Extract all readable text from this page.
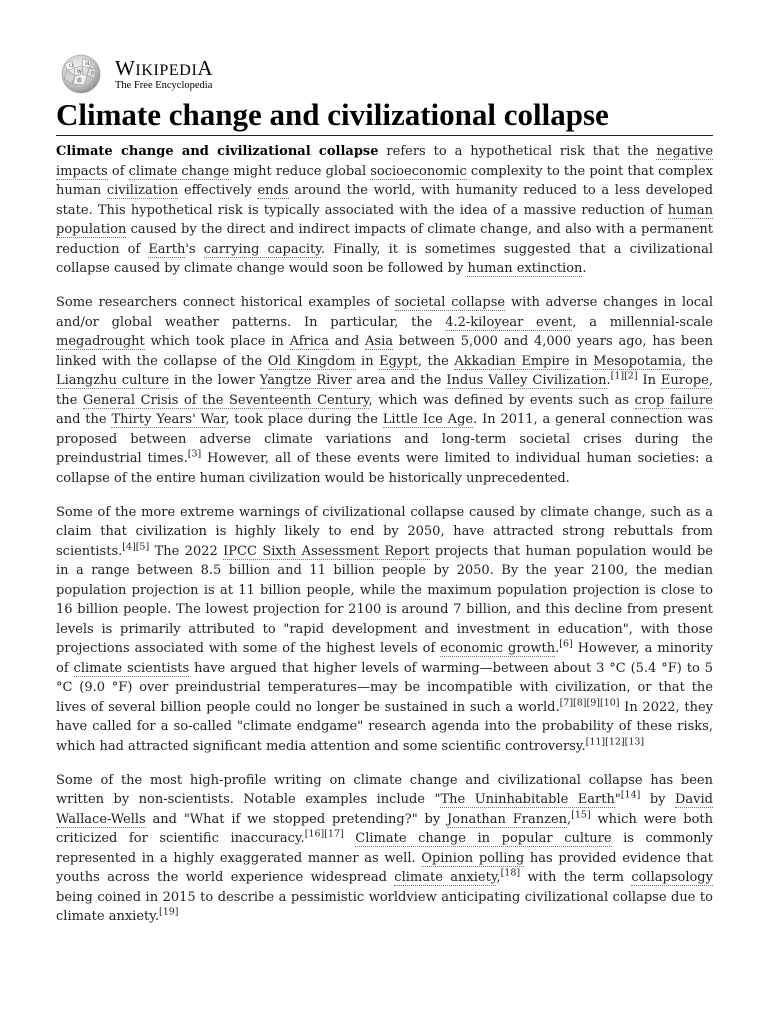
Ω
W
И
ウ
維
WIKIPEDIA
The Free Encyclopedia
Climate change and civilizational collapse

Climate change and civilizational collapse refers to a hypothetical risk that the negative impacts of climate change might reduce global socioeconomic complexity to the point that complex human civilization effectively ends around the world, with humanity reduced to a less developed state. This hypothetical risk is typically associated with the idea of a massive reduction of human population caused by the direct and indirect impacts of climate change, and also with a permanent reduction of Earth's carrying capacity. Finally, it is sometimes suggested that a civilizational collapse caused by climate change would soon be followed by human extinction.

Some researchers connect historical examples of societal collapse with adverse changes in local and/or global weather patterns. In particular, the 4.2-kiloyear event, a millennial-scale megadrought which took place in Africa and Asia between 5,000 and 4,000 years ago, has been linked with the collapse of the Old Kingdom in Egypt, the Akkadian Empire in Mesopotamia, the Liangzhu culture in the lower Yangtze River area and the Indus Valley Civilization.[1][2] In Europe, the General Crisis of the Seventeenth Century, which was defined by events such as crop failure and the Thirty Years' War, took place during the Little Ice Age. In 2011, a general connection was proposed between adverse climate variations and long-term societal crises during the preindustrial times.[3] However, all of these events were limited to individual human societies: a collapse of the entire human civilization would be historically unprecedented.

Some of the more extreme warnings of civilizational collapse caused by climate change, such as a claim that civilization is highly likely to end by 2050, have attracted strong rebuttals from scientists.[4][5] The 2022 IPCC Sixth Assessment Report projects that human population would be in a range between 8.5 billion and 11 billion people by 2050. By the year 2100, the median population projection is at 11 billion people, while the maximum population projection is close to 16 billion people. The lowest projection for 2100 is around 7 billion, and this decline from present levels is primarily attributed to "rapid development and investment in education", with those projections associated with some of the highest levels of economic growth.[6] However, a minority of climate scientists have argued that higher levels of warming—between about 3 °C (5.4 °F) to 5 °C (9.0 °F) over preindustrial temperatures—may be incompatible with civilization, or that the lives of several billion people could no longer be sustained in such a world.[7][8][9][10] In 2022, they have called for a so-called "climate endgame" research agenda into the probability of these risks, which had attracted significant media attention and some scientific controversy.[11][12][13]

Some of the most high-profile writing on climate change and civilizational collapse has been written by non-scientists. Notable examples include "The Uninhabitable Earth"[14] by David Wallace-Wells and "What if we stopped pretending?" by Jonathan Franzen,[15] which were both criticized for scientific inaccuracy.[16][17] Climate change in popular culture is commonly represented in a highly exaggerated manner as well. Opinion polling has provided evidence that youths across the world experience widespread climate anxiety,[18] with the term collapsology being coined in 2015 to describe a pessimistic worldview anticipating civilizational collapse due to climate anxiety.[19]
